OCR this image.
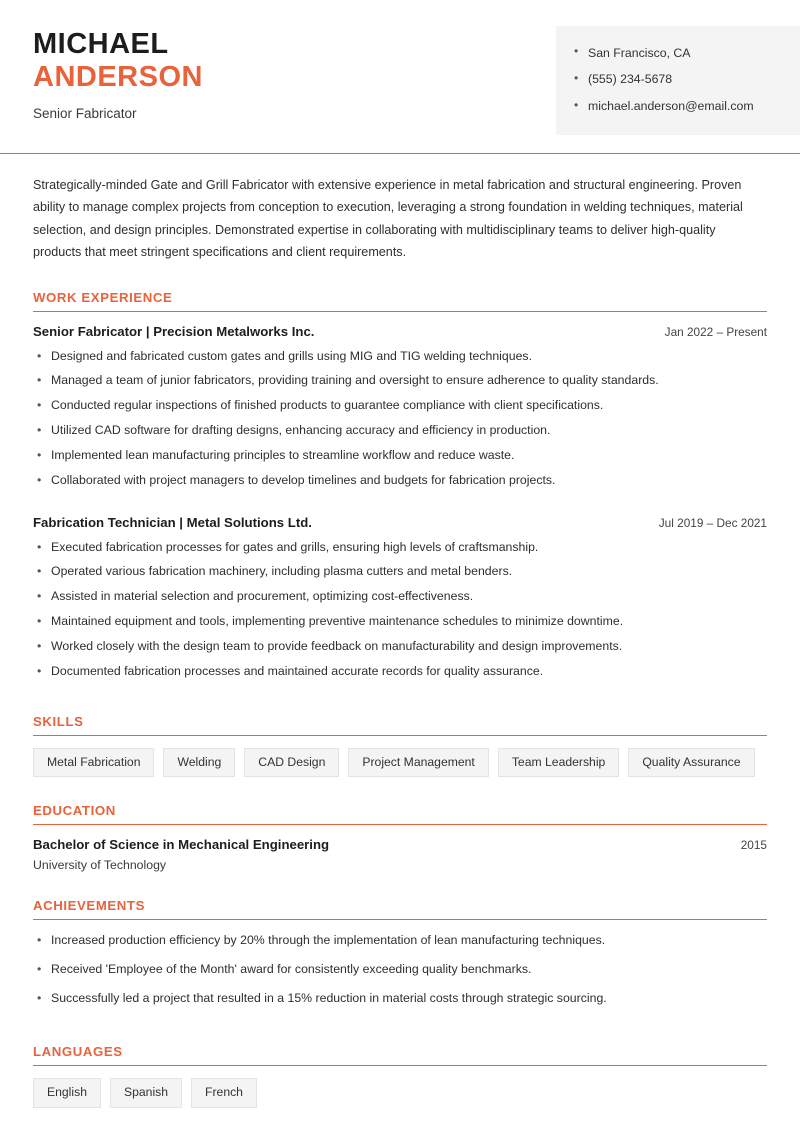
MICHAEL
ANDERSON
Senior Fabricator
• San Francisco, CA
• (555) 234-5678
• michael.anderson@email.com

Strategically-minded Gate and Grill Fabricator with extensive experience in metal fabrication and structural engineering. Proven ability to manage complex projects from conception to execution, leveraging a strong foundation in welding techniques, material selection, and design principles. Demonstrated expertise in collaborating with multidisciplinary teams to deliver high-quality products that meet stringent specifications and client requirements.

WORK EXPERIENCE
Senior Fabricator | Precision Metalworks Inc.	Jan 2022 – Present
• Designed and fabricated custom gates and grills using MIG and TIG welding techniques.
• Managed a team of junior fabricators, providing training and oversight to ensure adherence to quality standards.
• Conducted regular inspections of finished products to guarantee compliance with client specifications.
• Utilized CAD software for drafting designs, enhancing accuracy and efficiency in production.
• Implemented lean manufacturing principles to streamline workflow and reduce waste.
• Collaborated with project managers to develop timelines and budgets for fabrication projects.
Fabrication Technician | Metal Solutions Ltd.	Jul 2019 – Dec 2021
• Executed fabrication processes for gates and grills, ensuring high levels of craftsmanship.
• Operated various fabrication machinery, including plasma cutters and metal benders.
• Assisted in material selection and procurement, optimizing cost-effectiveness.
• Maintained equipment and tools, implementing preventive maintenance schedules to minimize downtime.
• Worked closely with the design team to provide feedback on manufacturability and design improvements.
• Documented fabrication processes and maintained accurate records for quality assurance.
SKILLS
Metal Fabrication	Welding	CAD Design	Project Management	Team Leadership	Quality Assurance
EDUCATION
Bachelor of Science in Mechanical Engineering	2015
University of Technology
ACHIEVEMENTS
• Increased production efficiency by 20% through the implementation of lean manufacturing techniques.
• Received 'Employee of the Month' award for consistently exceeding quality benchmarks.
• Successfully led a project that resulted in a 15% reduction in material costs through strategic sourcing.
LANGUAGES
English	Spanish	French
